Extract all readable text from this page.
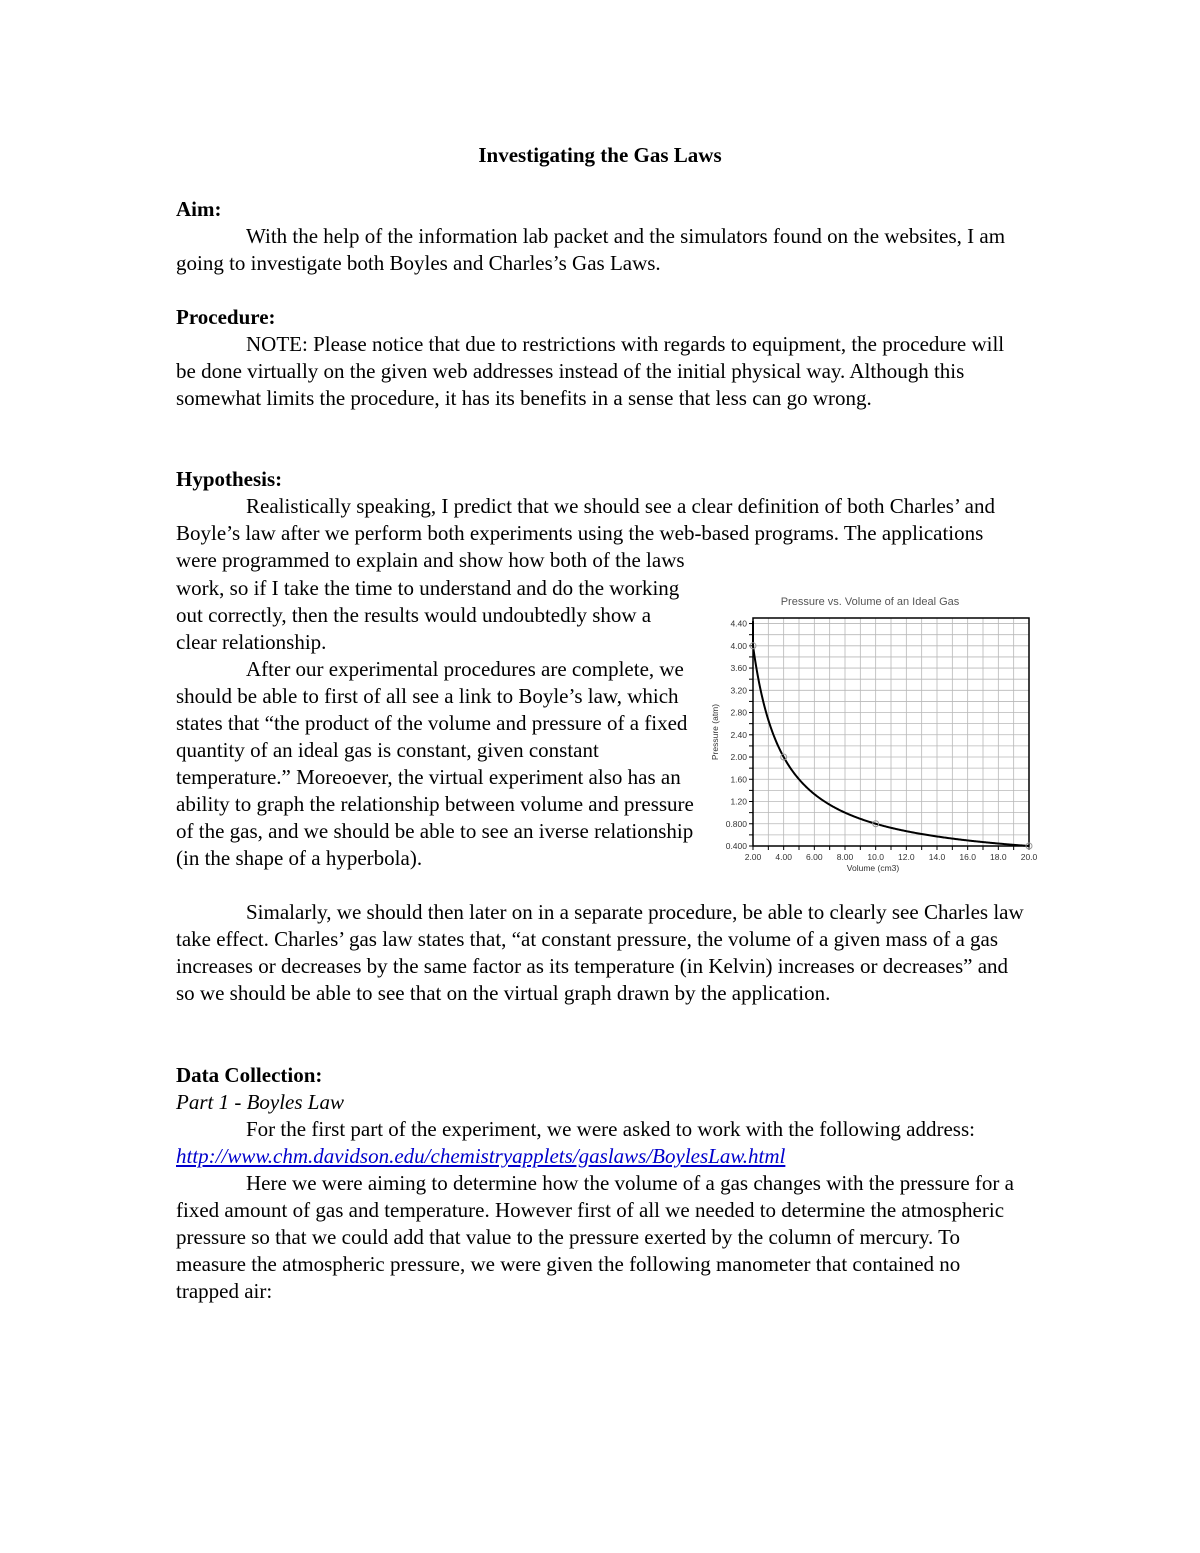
Investigating the Gas Laws

Aim:

With the help of the information lab packet and the simulators found on the websites, I am going to investigate both Boyles and Charles’s Gas Laws.

Procedure:

NOTE: Please notice that due to restrictions with regards to equipment, the procedure will be done virtually on the given web addresses instead of the initial physical way. Although this somewhat limits the procedure, it has its benefits in a sense that less can go wrong.

Hypothesis:

Realistically speaking, I predict that we should see a clear definition of both Charles’ and Boyle’s law after we perform both experiments using the web-based programs. The applications were programmed to explain and show how both of the laws

work, so if I take the time to understand and do the working out correctly, then the results would undoubtedly show a clear relationship.

After our experimental procedures are complete, we should be able to first of all see a link to Boyle’s law, which states that “the product of the volume and pressure of a fixed quantity of an ideal gas is constant, given constant temperature.” Moreoever, the virtual experiment also has an ability to graph the relationship between volume and pressure of the gas, and we should be able to see an iverse relationship (in the shape of a hyperbola).

Pressure vs. Volume of an Ideal Gas
2.00 4.00 6.00 8.00 10.0 12.0 14.0 16.0 18.0 20.0
0.400
0.800
1.20
1.60
2.00
2.40
2.80
3.20
3.60
4.00
4.40
Volume (cm3)
Pressure (atm)

Simalarly, we should then later on in a separate procedure, be able to clearly see Charles law take effect. Charles’ gas law states that, “at constant pressure, the volume of a given mass of a gas increases or decreases by the same factor as its temperature (in Kelvin) increases or decreases” and so we should be able to see that on the virtual graph drawn by the application.

Data Collection:

Part 1 - Boyles Law

For the first part of the experiment, we were asked to work with the following address: http://www.chm.davidson.edu/chemistryapplets/gaslaws/BoylesLaw.html

Here we were aiming to determine how the volume of a gas changes with the pressure for a fixed amount of gas and temperature. However first of all we needed to determine the atmospheric pressure so that we could add that value to the pressure exerted by the column of mercury. To measure the atmospheric pressure, we were given the following manometer that contained no trapped air:
